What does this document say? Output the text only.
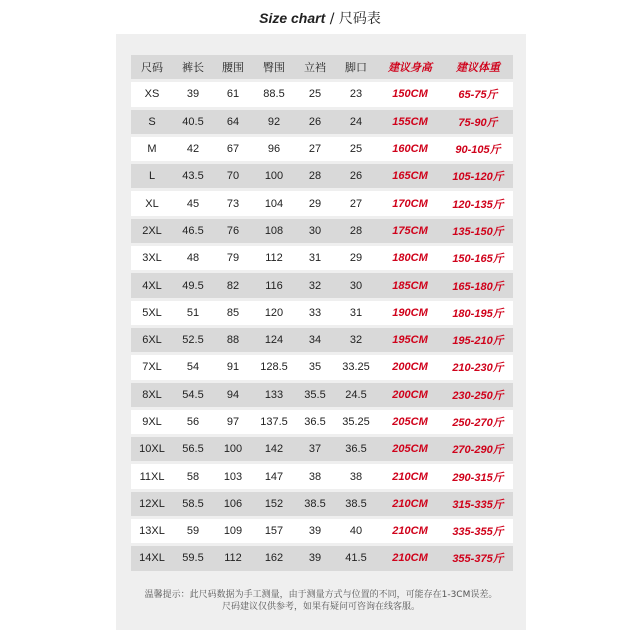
Size chart / 尺码表
尺码	裤长	腰围	臀围	立裆	脚口	建议身高	建议体重
XS	39	61	88.5	25	23	150CM	65-75斤
S	40.5	64	92	26	24	155CM	75-90斤
M	42	67	96	27	25	160CM	90-105斤
L	43.5	70	100	28	26	165CM	105-120斤
XL	45	73	104	29	27	170CM	120-135斤
2XL	46.5	76	108	30	28	175CM	135-150斤
3XL	48	79	112	31	29	180CM	150-165斤
4XL	49.5	82	116	32	30	185CM	165-180斤
5XL	51	85	120	33	31	190CM	180-195斤
6XL	52.5	88	124	34	32	195CM	195-210斤
7XL	54	91	128.5	35	33.25	200CM	210-230斤
8XL	54.5	94	133	35.5	24.5	200CM	230-250斤
9XL	56	97	137.5	36.5	35.25	205CM	250-270斤
10XL	56.5	100	142	37	36.5	205CM	270-290斤
11XL	58	103	147	38	38	210CM	290-315斤
12XL	58.5	106	152	38.5	38.5	210CM	315-335斤
13XL	59	109	157	39	40	210CM	335-355斤
14XL	59.5	112	162	39	41.5	210CM	355-375斤
温馨提示：此尺码数据为手工测量，由于测量方式与位置的不同，可能存在1-3CM误差。
尺码建议仅供参考，如果有疑问可咨询在线客服。
